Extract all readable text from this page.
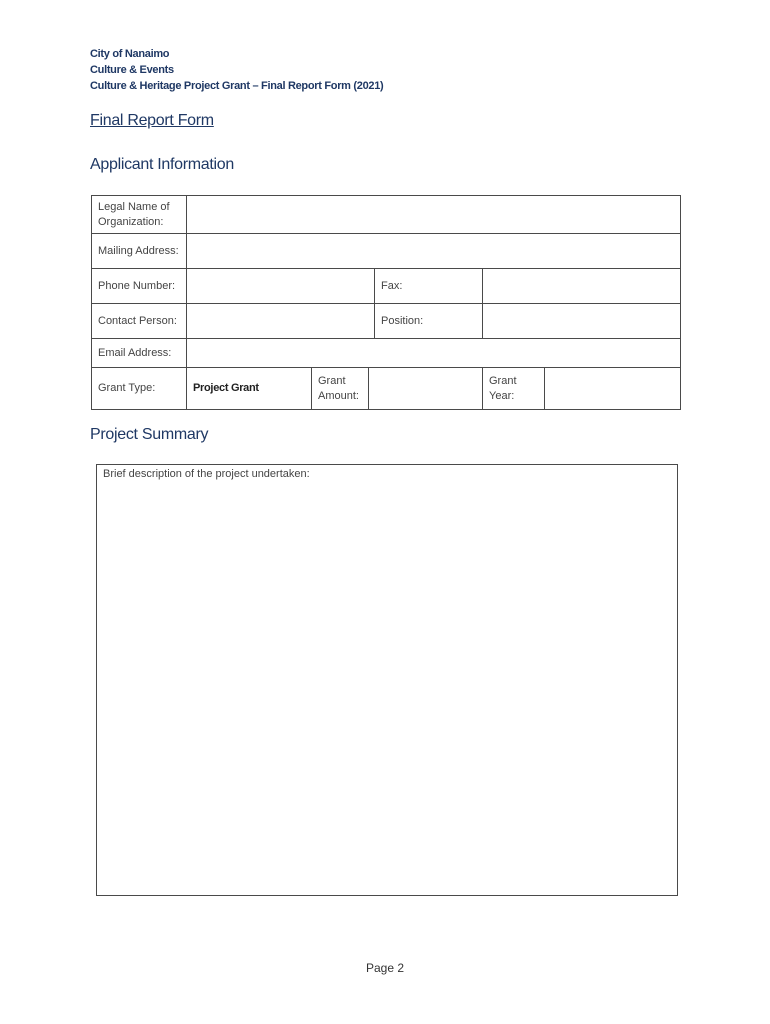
City of Nanaimo
Culture & Events
Culture & Heritage Project Grant – Final Report Form (2021)
Final Report Form
Applicant Information
Legal Name of Organization:						
Mailing Address:						
Phone Number:				Fax:		
Contact Person:				Position:		
Email Address:						
Grant Type:	Project Grant	Grant Amount:			Grant Year:	
Project Summary
Brief description of the project undertaken:
Page 2
